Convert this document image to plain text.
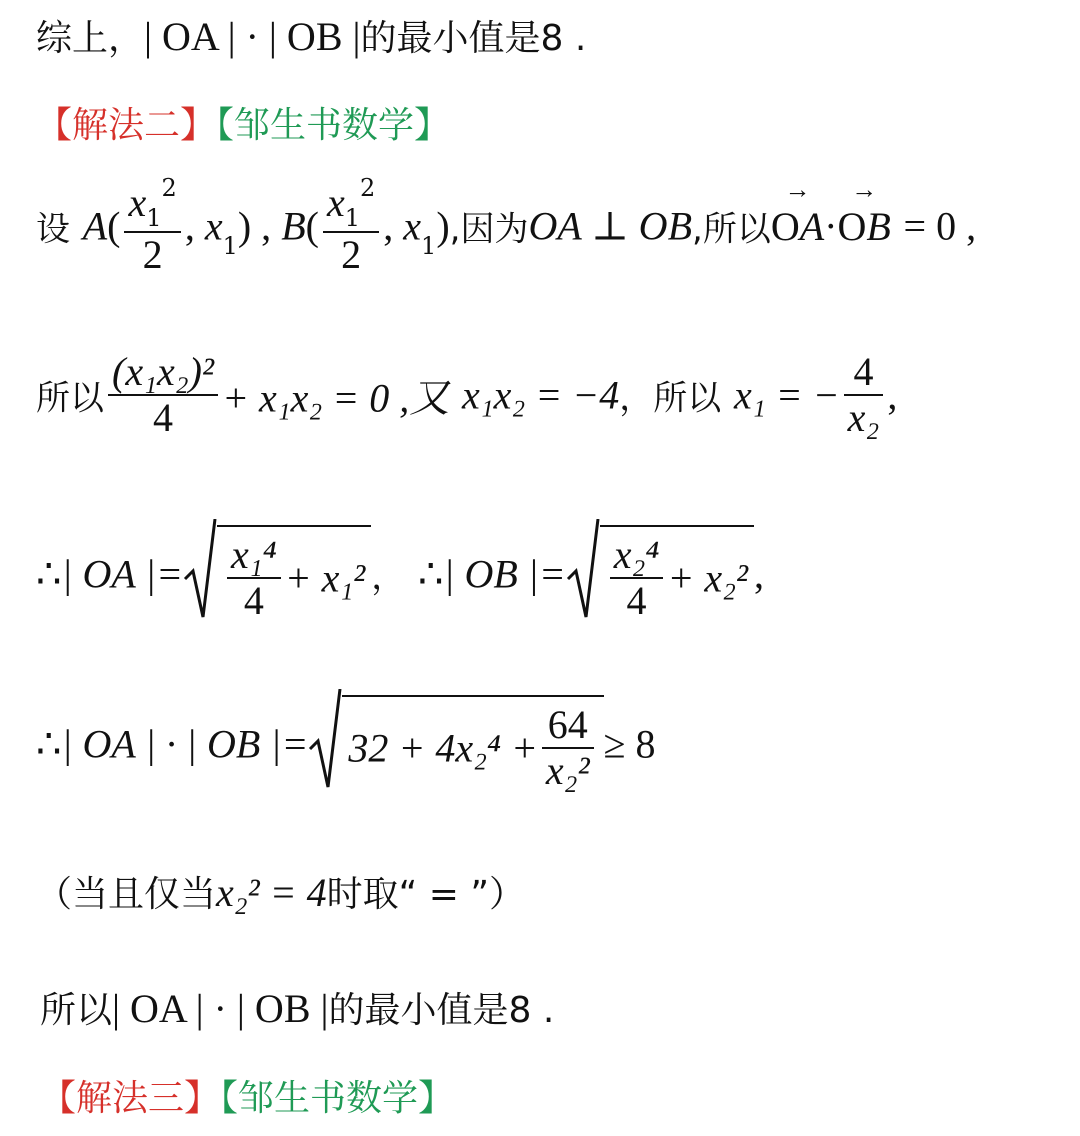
综上，| OA | · | OB |的最小值是8 .
【解法二】【邹生书数学】
设 $A( \frac{x_1^2}{2}$ , $x_1$) , $B( \frac{x_1^2}{2}$ , $x_1$),因为OA ⊥ OB,所以→ OA·→ OB = 0 ,
所以 $\frac{\text{(x₁x₂)²}}{4} + x_1x_2 = 0$ ,又 x₁x₂ = −4，所以 x₁ = − $\frac{4}{\text{x₂}}$ ,
∴| OA |= $\frac{\text{x₁⁴}}{4} + x_1^2$ ， ∴| OB |= $\frac{\text{x₂⁴}}{4} + x_2^2$ ,
∴| OA | · | OB |= $32 + 4x_2^4 + \frac{64}{\text{x₂²}} \ge 8$
（当且仅当x₂² = 4时取“ = ”）
所以| OA | · | OB |的最小值是8 .
【解法三】【邹生书数学】
